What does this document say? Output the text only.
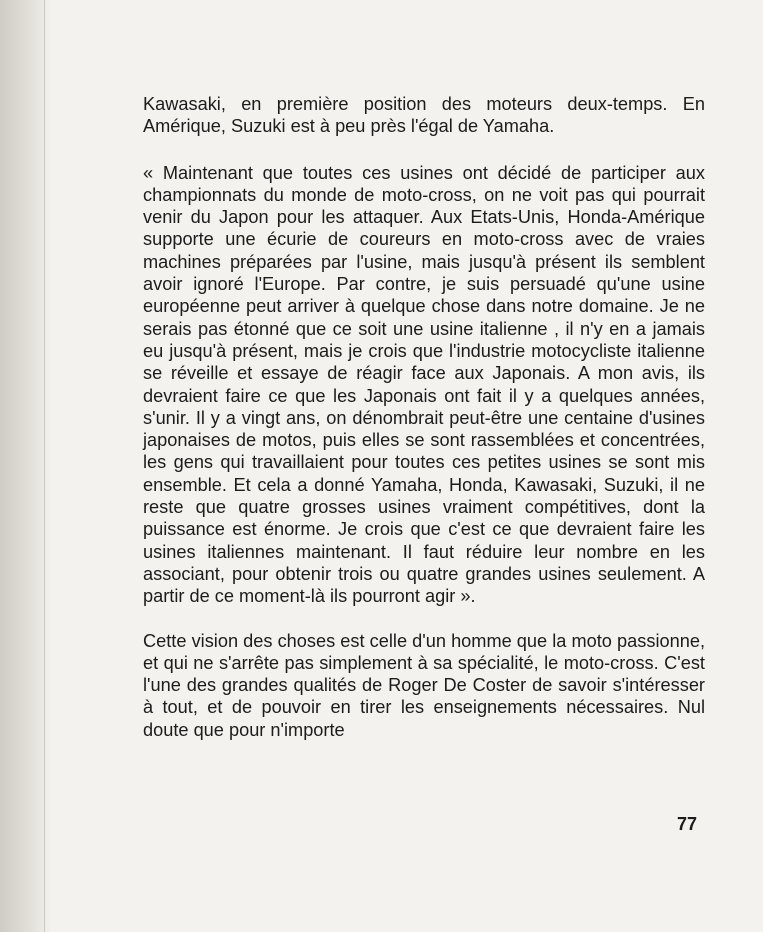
Kawasaki, en première position des moteurs deux-temps. En Amérique, Suzuki est à peu près l'égal de Yamaha.

« Maintenant que toutes ces usines ont décidé de participer aux championnats du monde de moto-cross, on ne voit pas qui pourrait venir du Japon pour les attaquer. Aux Etats-Unis, Honda-Amérique supporte une écurie de coureurs en moto-cross avec de vraies machines préparées par l'usine, mais jusqu'à présent ils semblent avoir ignoré l'Europe. Par contre, je suis persuadé qu'une usine européenne peut arriver à quelque chose dans notre domaine. Je ne serais pas étonné que ce soit une usine italienne , il n'y en a jamais eu jusqu'à présent, mais je crois que l'industrie motocycliste italienne se réveille et essaye de réagir face aux Japonais. A mon avis, ils devraient faire ce que les Japonais ont fait il y a quelques années, s'unir. Il y a vingt ans, on dénombrait peut-être une centaine d'usines japonaises de motos, puis elles se sont rassemblées et concentrées, les gens qui travaillaient pour toutes ces petites usines se sont mis ensemble. Et cela a donné Yamaha, Honda, Kawasaki, Suzuki, il ne reste que quatre grosses usines vraiment compétitives, dont la puissance est énorme. Je crois que c'est ce que devraient faire les usines italiennes maintenant. Il faut réduire leur nombre en les associant, pour obtenir trois ou quatre grandes usines seulement. A partir de ce moment-là ils pourront agir ».

Cette vision des choses est celle d'un homme que la moto passionne, et qui ne s'arrête pas simplement à sa spécialité, le moto-cross. C'est l'une des grandes qualités de Roger De Coster de savoir s'intéresser à tout, et de pouvoir en tirer les enseignements nécessaires. Nul doute que pour n'importe

77
